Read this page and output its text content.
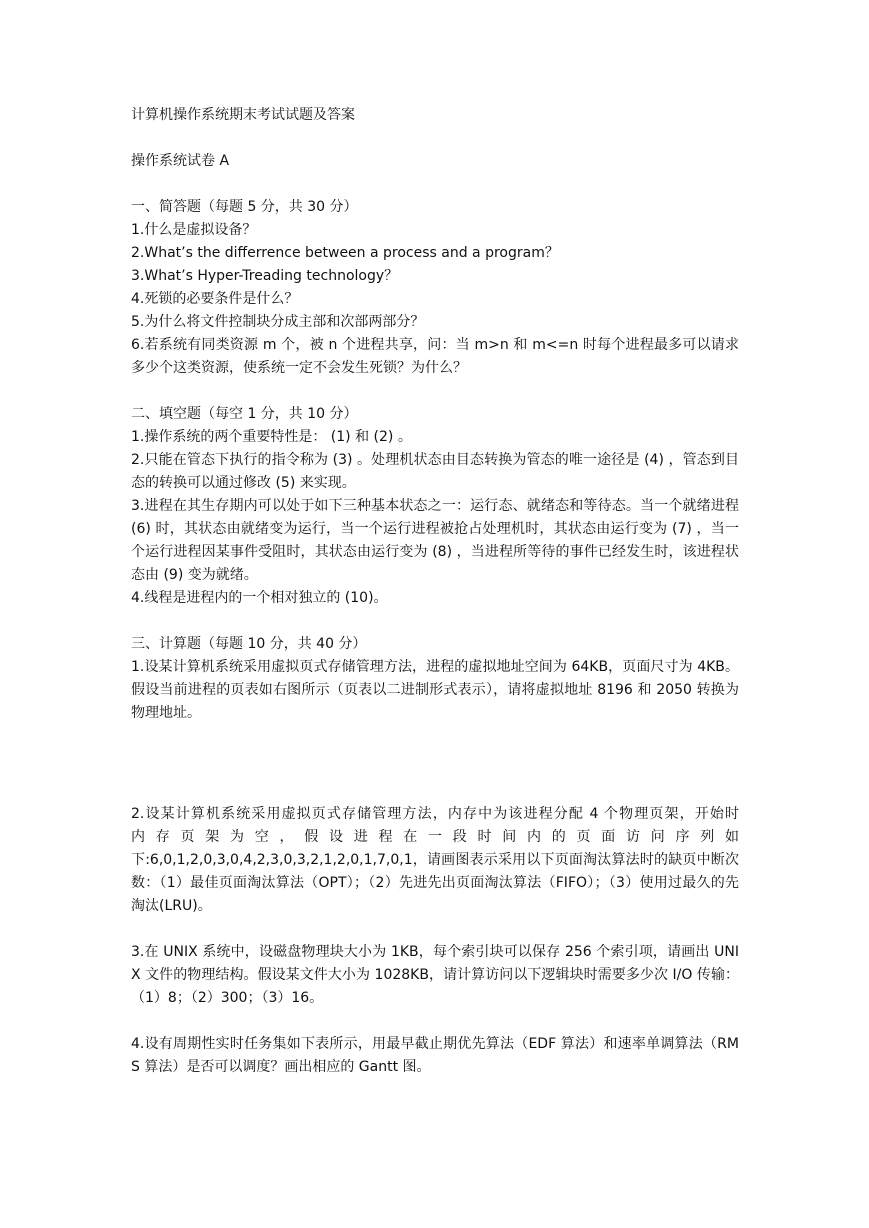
计算机操作系统期末考试试题及答案

操作系统试卷 A

一、简答题（每题 5 分，共 30 分）

1.什么是虚拟设备？

2.What’s the differrence between a process and a program？

3.What’s Hyper-Treading technology？

4.死锁的必要条件是什么？

5.为什么将文件控制块分成主部和次部两部分？

6.若系统有同类资源 m 个，被 n 个进程共享，问：当 m>n 和 m<=n 时每个进程最多可以请求多少个这类资源，使系统一定不会发生死锁？为什么？

二、填空题（每空 1 分，共 10 分）

1.操作系统的两个重要特性是： (1) 和 (2) 。

2.只能在管态下执行的指令称为 (3) 。处理机状态由目态转换为管态的唯一途径是 (4) ，管态到目态的转换可以通过修改 (5) 来实现。

3.进程在其生存期内可以处于如下三种基本状态之一：运行态、就绪态和等待态。当一个就绪进程 (6) 时，其状态由就绪变为运行，当一个运行进程被抢占处理机时，其状态由运行变为 (7) ，当一个运行进程因某事件受阻时，其状态由运行变为 (8) ，当进程所等待的事件已经发生时，该进程状态由 (9) 变为就绪。

4.线程是进程内的一个相对独立的 (10)。

三、计算题（每题 10 分，共 40 分）

1.设某计算机系统采用虚拟页式存储管理方法，进程的虚拟地址空间为 64KB，页面尺寸为 4KB。假设当前进程的页表如右图所示（页表以二进制形式表示），请将虚拟地址 8196 和 2050 转换为物理地址。

2.设某计算机系统采用虚拟页式存储管理方法，内存中为该进程分配 4 个物理页架，开始时

内 存 页 架 为 空 ， 假 设 进 程 在 一 段 时 间 内 的 页 面 访 问 序 列 如

下:6,0,1,2,0,3,0,4,2,3,0,3,2,1,2,0,1,7,0,1，请画图表示采用以下页面淘汰算法时的缺页中断次数：（1）最佳页面淘汰算法（OPT）；（2）先进先出页面淘汰算法（FIFO）；（3）使用过最久的先淘汰(LRU)。

3.在 UNIX 系统中，设磁盘物理块大小为 1KB，每个索引块可以保存 256 个索引项，请画出 UNIX 文件的物理结构。假设某文件大小为 1028KB，请计算访问以下逻辑块时需要多少次 I/O 传输：（1）8；（2）300；（3）16。

4.设有周期性实时任务集如下表所示，用最早截止期优先算法（EDF 算法）和速率单调算法（RMS 算法）是否可以调度？画出相应的 Gantt 图。
